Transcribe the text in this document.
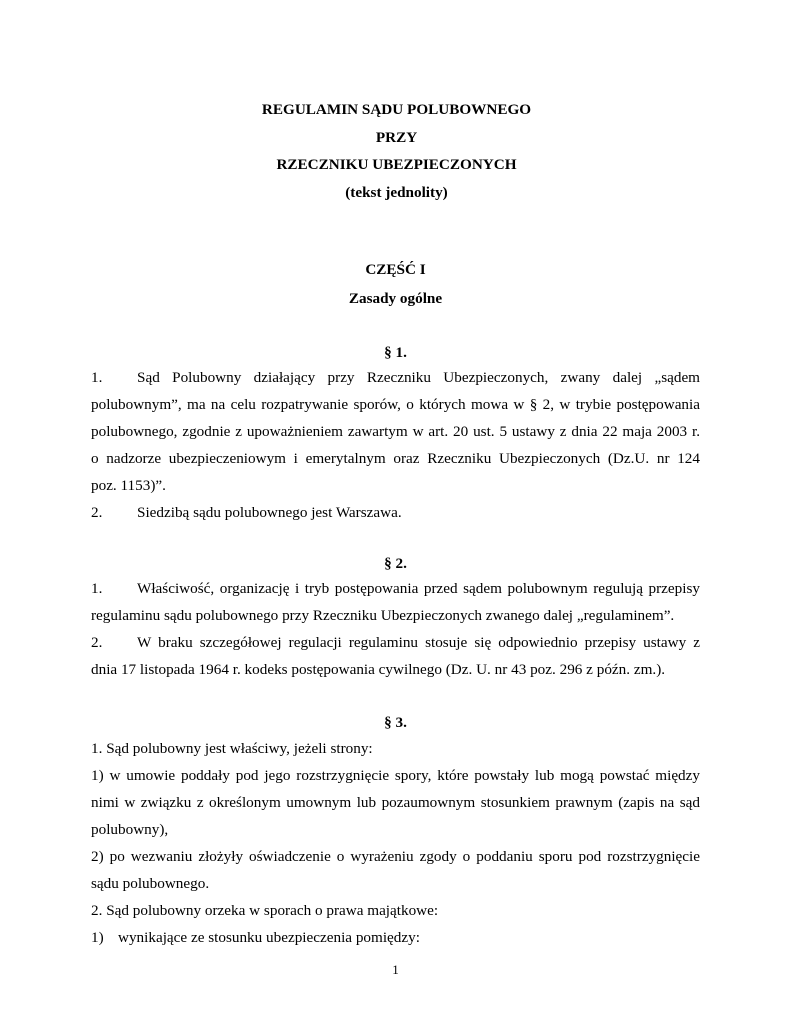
REGULAMIN SĄDU POLUBOWNEGO
PRZY
RZECZNIKU UBEZPIECZONYCH
(tekst jednolity)
CZĘŚĆ I
Zasady ogólne
§ 1.
1.	Sąd Polubowny działający przy Rzeczniku Ubezpieczonych, zwany dalej „sądem
polubownym”, ma na celu rozpatrywanie sporów, o których mowa w § 2, w trybie postępowania
polubownego, zgodnie z upoważnieniem zawartym w art. 20 ust. 5 ustawy z dnia 22 maja 2003 r.
o nadzorze ubezpieczeniowym i emerytalnym oraz Rzeczniku Ubezpieczonych (Dz.U. nr 124
poz. 1153)”.
2.	Siedzibą sądu polubownego jest Warszawa.
§ 2.
1.	Właściwość, organizację i tryb postępowania przed sądem polubownym regulują przepisy
regulaminu sądu polubownego przy Rzeczniku Ubezpieczonych zwanego dalej „regulaminem”.
2.	W braku szczegółowej regulacji regulaminu stosuje się odpowiednio przepisy ustawy z
dnia 17 listopada 1964 r. kodeks postępowania cywilnego (Dz. U. nr 43 poz. 296 z późn. zm.).
§ 3.
1. Sąd polubowny jest właściwy, jeżeli strony:
1) w umowie poddały pod jego rozstrzygnięcie spory, które powstały lub mogą powstać między
nimi w związku z określonym umownym lub pozaumownym stosunkiem prawnym (zapis na sąd
polubowny),
2) po wezwaniu złożyły oświadczenie o wyrażeniu zgody o poddaniu sporu pod rozstrzygnięcie
sądu polubownego.
2. Sąd polubowny orzeka w sporach o prawa majątkowe:
1) wynikające ze stosunku ubezpieczenia pomiędzy:
1
